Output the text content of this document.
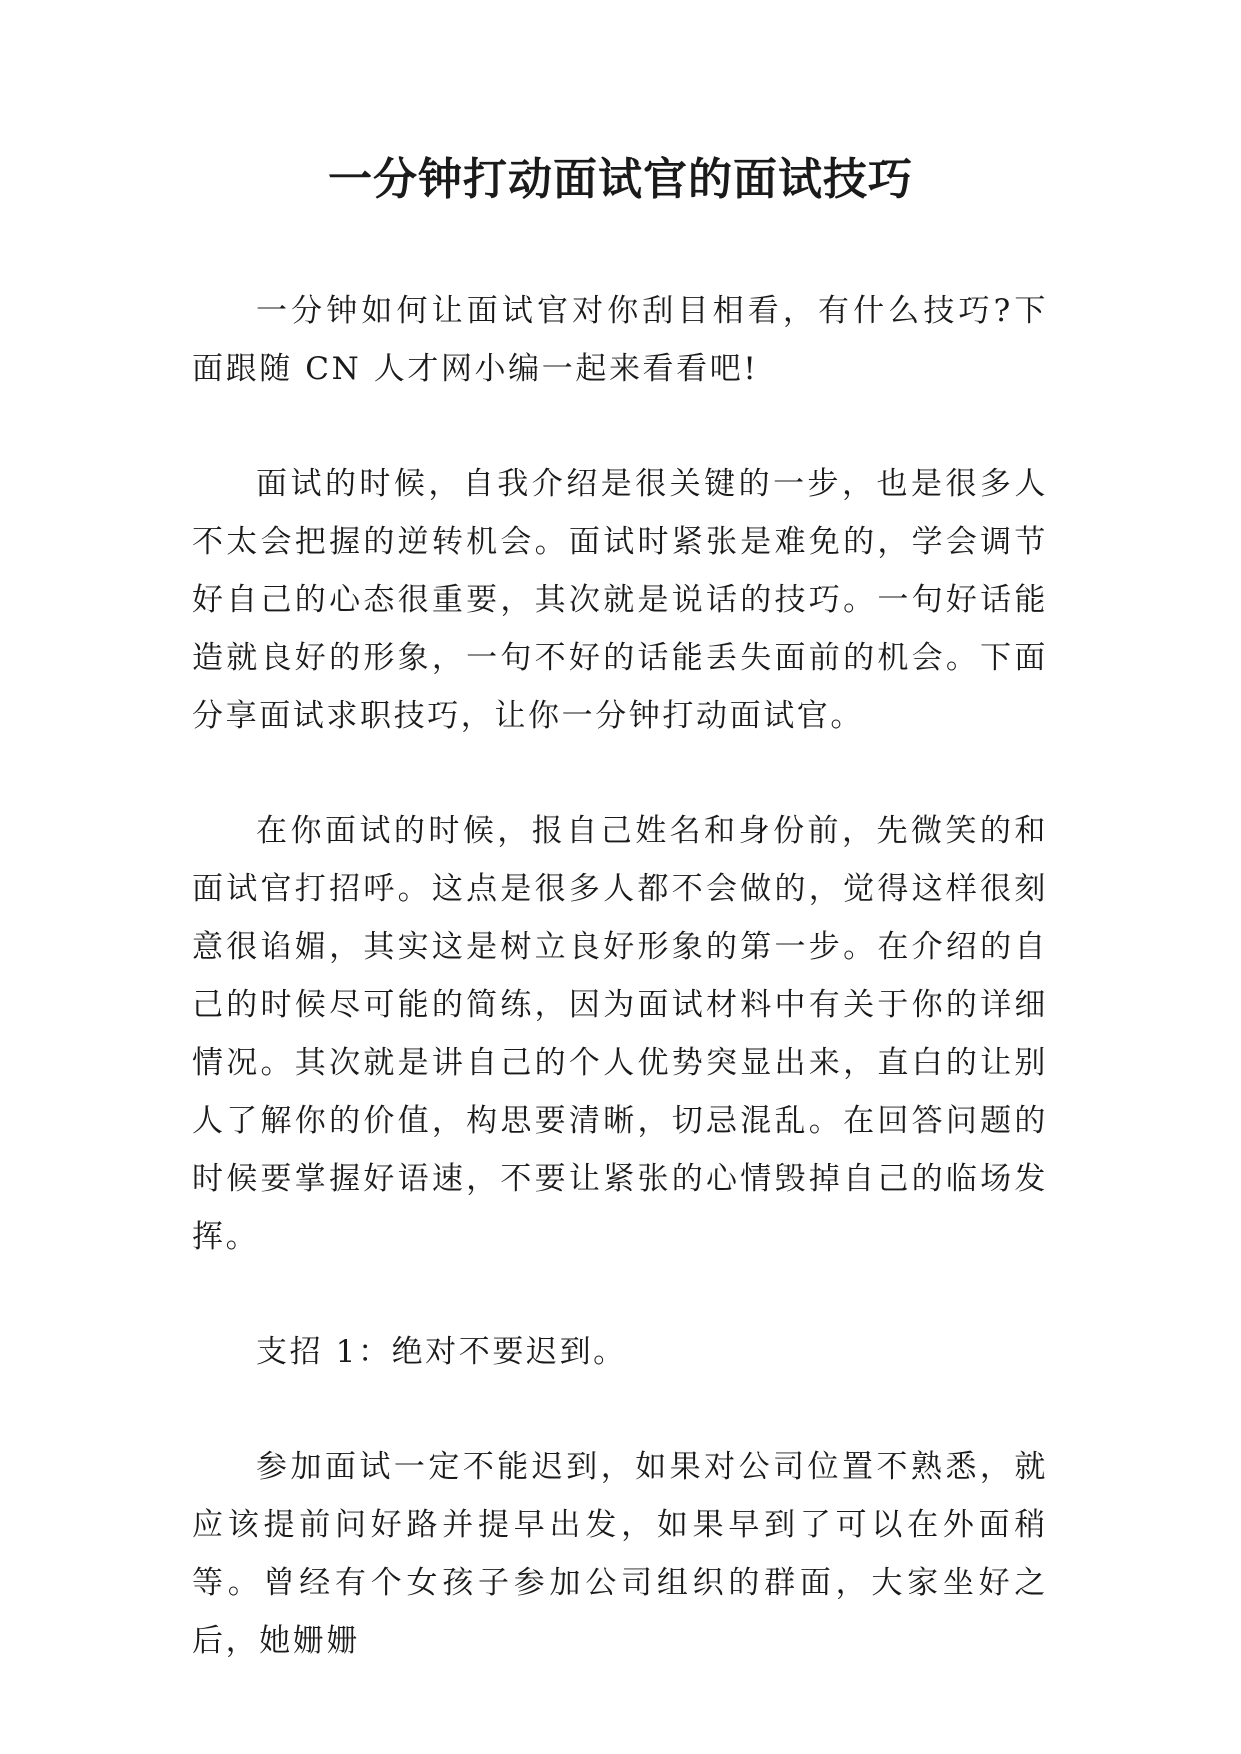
一分钟打动面试官的面试技巧

一分钟如何让面试官对你刮目相看，有什么技巧?下面跟随 CN 人才网小编一起来看看吧!

面试的时候，自我介绍是很关键的一步，也是很多人不太会把握的逆转机会。面试时紧张是难免的，学会调节好自己的心态很重要，其次就是说话的技巧。一句好话能造就良好的形象，一句不好的话能丢失面前的机会。下面分享面试求职技巧，让你一分钟打动面试官。

在你面试的时候，报自己姓名和身份前，先微笑的和面试官打招呼。这点是很多人都不会做的，觉得这样很刻意很谄媚，其实这是树立良好形象的第一步。在介绍的自己的时候尽可能的简练，因为面试材料中有关于你的详细情况。其次就是讲自己的个人优势突显出来，直白的让别人了解你的价值，构思要清晰，切忌混乱。在回答问题的时候要掌握好语速，不要让紧张的心情毁掉自己的临场发挥。

支招 1：绝对不要迟到。

参加面试一定不能迟到，如果对公司位置不熟悉，就应该提前问好路并提早出发，如果早到了可以在外面稍等。曾经有个女孩子参加公司组织的群面，大家坐好之后，她姗姗
